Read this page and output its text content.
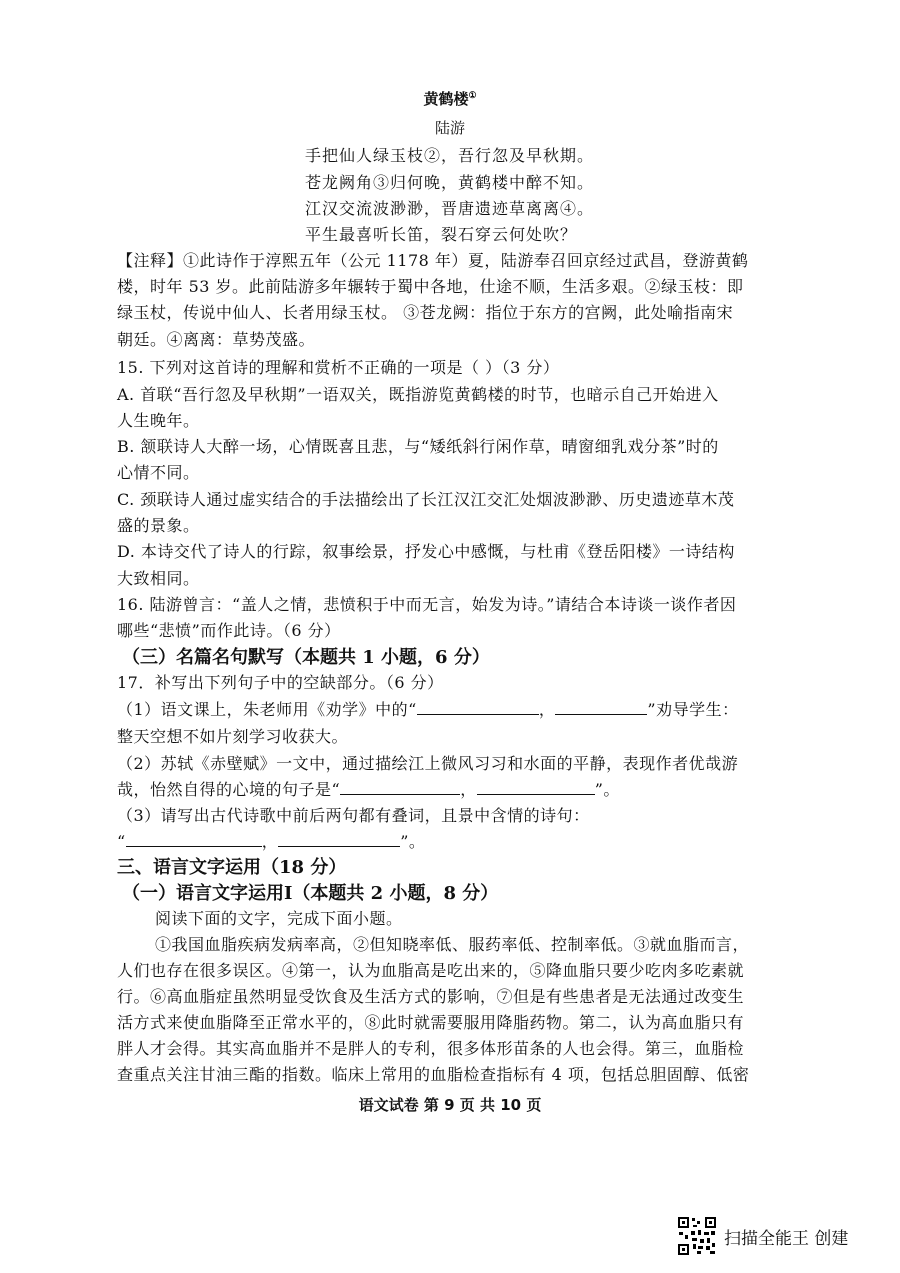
黄鹤楼①
陆游
手把仙人绿玉枝②，吾行忽及早秋期。
苍龙阙角③归何晚，黄鹤楼中醉不知。
江汉交流波渺渺，晋唐遗迹草离离④。
平生最喜听长笛，裂石穿云何处吹？
【注释】①此诗作于淳熙五年（公元 1178 年）夏，陆游奉召回京经过武昌，登游黄鹤
楼，时年 53 岁。此前陆游多年辗转于蜀中各地，仕途不顺，生活多艰。②绿玉枝：即
绿玉杖，传说中仙人、长者用绿玉杖。 ③苍龙阙：指位于东方的宫阙，此处喻指南宋
朝廷。④离离：草势茂盛。
15. 下列对这首诗的理解和赏析不正确的一项是（ ）（3 分）
A. 首联“吾行忽及早秋期”一语双关，既指游览黄鹤楼的时节，也暗示自己开始进入
人生晚年。
B. 颔联诗人大醉一场，心情既喜且悲，与“矮纸斜行闲作草，晴窗细乳戏分茶”时的
心情不同。
C. 颈联诗人通过虚实结合的手法描绘出了长江汉江交汇处烟波渺渺、历史遗迹草木茂
盛的景象。
D. 本诗交代了诗人的行踪，叙事绘景，抒发心中感慨，与杜甫《登岳阳楼》一诗结构
大致相同。
16. 陆游曾言：“盖人之情，悲愤积于中而无言，始发为诗。”请结合本诗谈一谈作者因
哪些“悲愤”而作此诗。（6 分）
（三）名篇名句默写（本题共 1 小题，6 分）
17．补写出下列句子中的空缺部分。（6 分）
（1）语文课上，朱老师用《劝学》中的“	，	”劝导学生：
整天空想不如片刻学习收获大。
（2）苏轼《赤壁赋》一文中，通过描绘江上微风习习和水面的平静，表现作者优哉游
哉，怡然自得的心境的句子是“	，	”。
（3）请写出古代诗歌中前后两句都有叠词，且景中含情的诗句：
“	，	”。
三、语言文字运用（18 分）
（一）语言文字运用Ⅰ（本题共 2 小题，8 分）
阅读下面的文字，完成下面小题。
①我国血脂疾病发病率高，②但知晓率低、服药率低、控制率低。③就血脂而言，
人们也存在很多误区。④第一，认为血脂高是吃出来的，⑤降血脂只要少吃肉多吃素就
行。⑥高血脂症虽然明显受饮食及生活方式的影响，⑦但是有些患者是无法通过改变生
活方式来使血脂降至正常水平的，⑧此时就需要服用降脂药物。第二，认为高血脂只有
胖人才会得。其实高血脂并不是胖人的专利，很多体形苗条的人也会得。第三，血脂检
查重点关注甘油三酯的指数。临床上常用的血脂检查指标有 4 项，包括总胆固醇、低密
语文试卷 第 9 页 共 10 页
扫描全能王 创建
